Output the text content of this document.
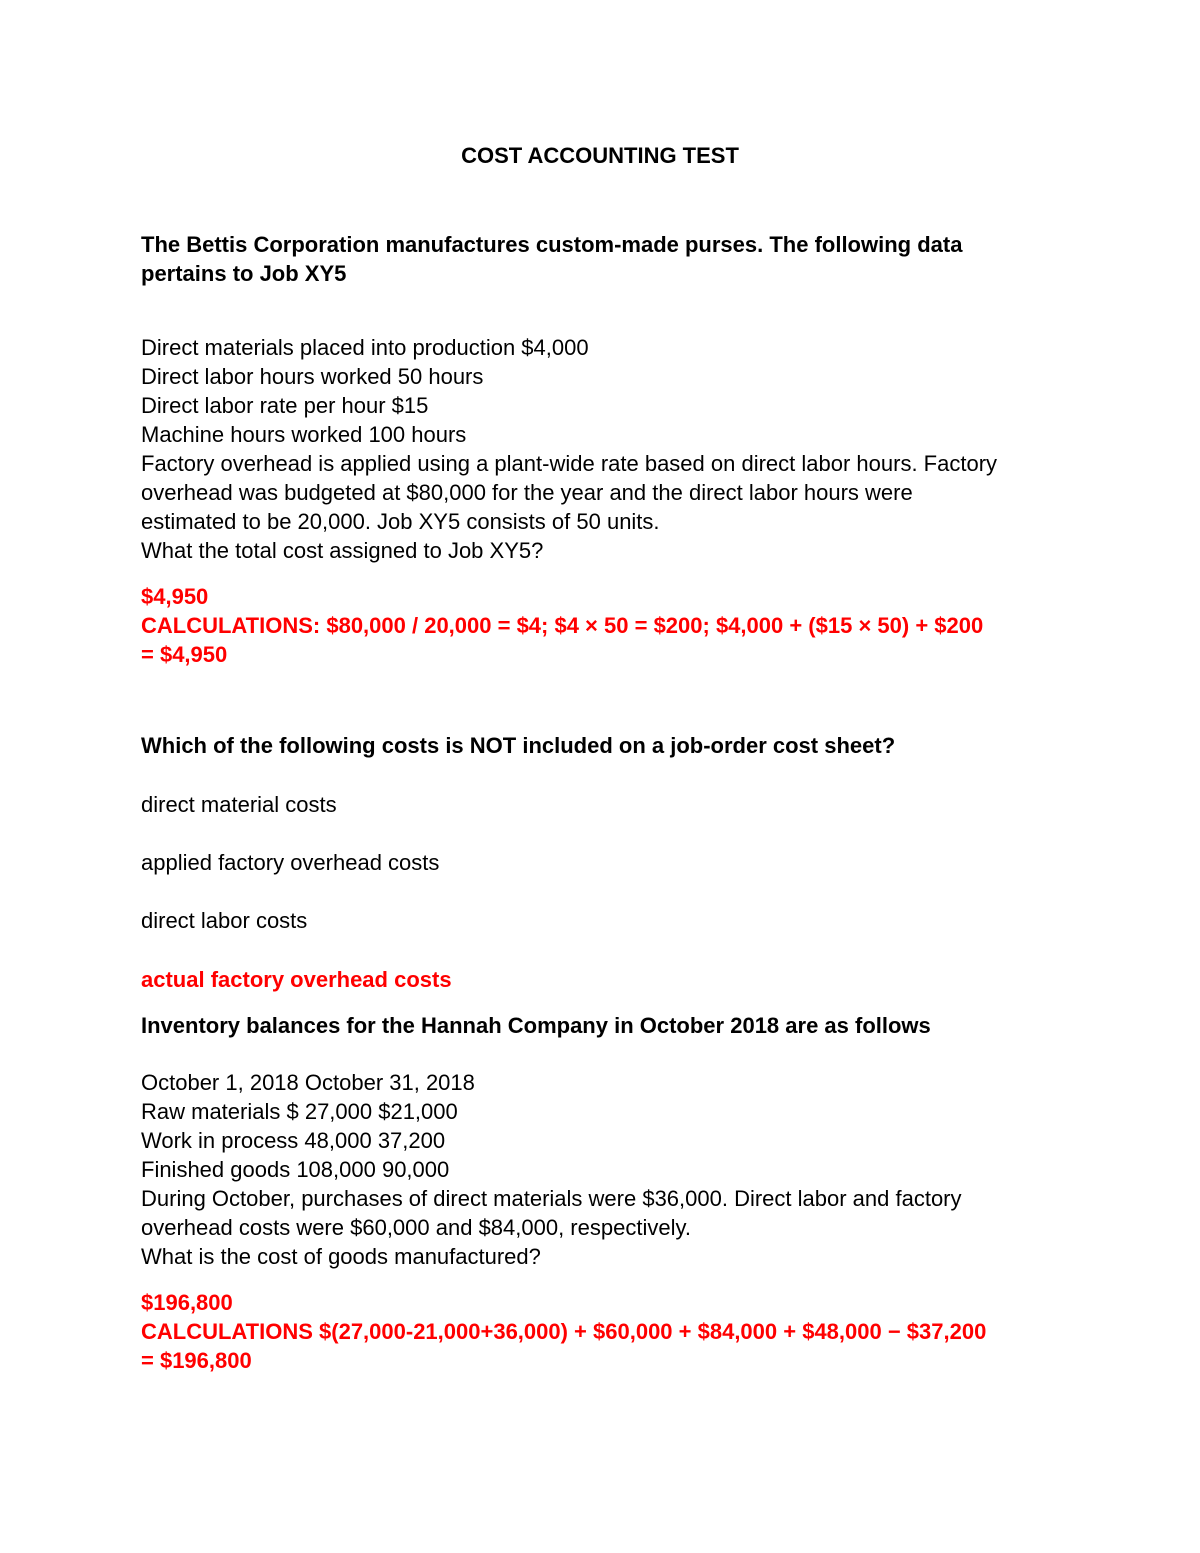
COST ACCOUNTING TEST
The Bettis Corporation manufactures custom-made purses. The following data
pertains to Job XY5
Direct materials placed into production $4,000
Direct labor hours worked 50 hours
Direct labor rate per hour $15
Machine hours worked 100 hours
Factory overhead is applied using a plant-wide rate based on direct labor hours. Factory
overhead was budgeted at $80,000 for the year and the direct labor hours were
estimated to be 20,000. Job XY5 consists of 50 units.
What the total cost assigned to Job XY5?
$4,950
CALCULATIONS: $80,000 / 20,000 = $4; $4 × 50 = $200; $4,000 + ($15 × 50) + $200
= $4,950
Which of the following costs is NOT included on a job-order cost sheet?
direct material costs
applied factory overhead costs
direct labor costs
actual factory overhead costs
Inventory balances for the Hannah Company in October 2018 are as follows
October 1, 2018 October 31, 2018
Raw materials $ 27,000 $21,000
Work in process 48,000 37,200
Finished goods 108,000 90,000
During October, purchases of direct materials were $36,000. Direct labor and factory
overhead costs were $60,000 and $84,000, respectively.
What is the cost of goods manufactured?
$196,800
CALCULATIONS $(27,000-21,000+36,000) + $60,000 + $84,000 + $48,000 − $37,200
= $196,800
